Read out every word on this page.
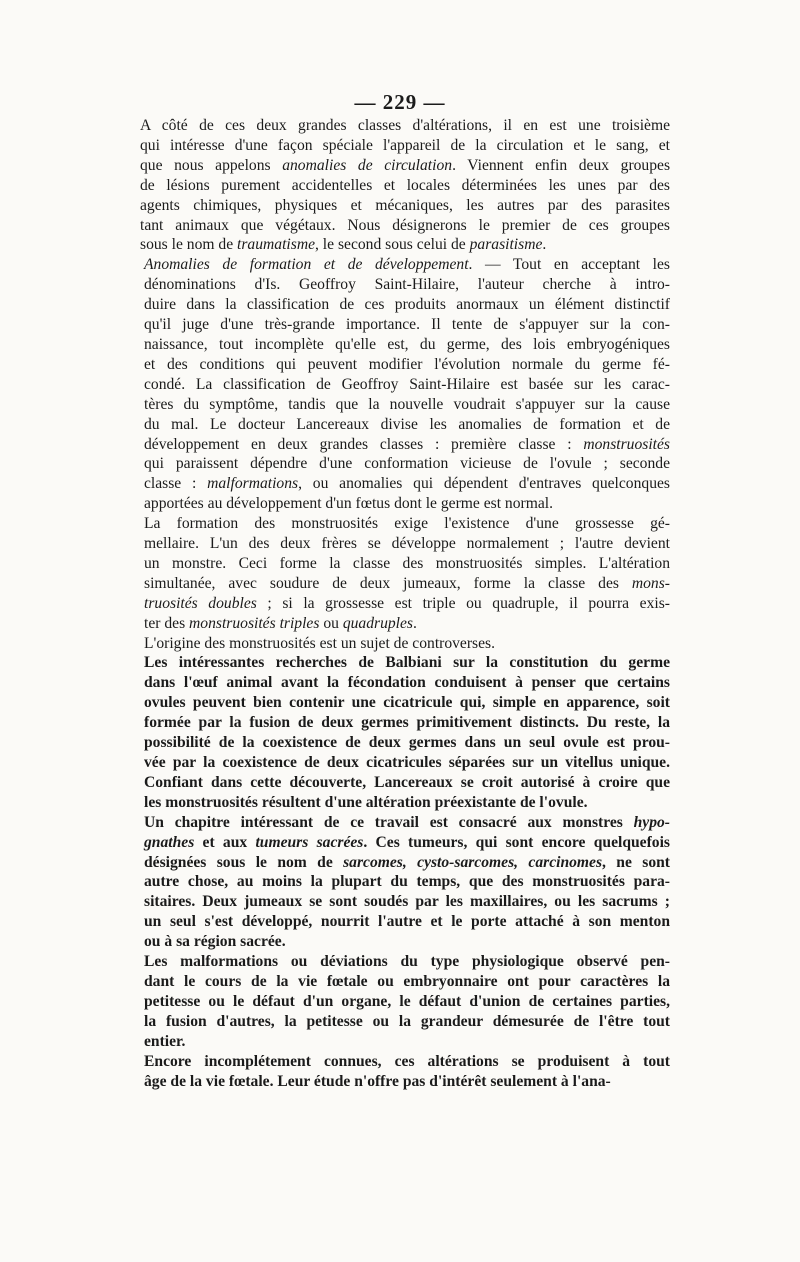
— 229 —

A côté de ces deux grandes classes d'altérations, il en est une troisième
qui intéresse d'une façon spéciale l'appareil de la circulation et le sang, et
que nous appelons anomalies de circulation. Viennent enfin deux groupes
de lésions purement accidentelles et locales déterminées les unes par des
agents chimiques, physiques et mécaniques, les autres par des parasites
tant animaux que végétaux. Nous désignerons le premier de ces groupes
sous le nom de traumatisme, le second sous celui de parasitisme.

Anomalies de formation et de développement. — Tout en acceptant les
dénominations d'Is. Geoffroy Saint-Hilaire, l'auteur cherche à intro-
duire dans la classification de ces produits anormaux un élément distinctif
qu'il juge d'une très-grande importance. Il tente de s'appuyer sur la con-
naissance, tout incomplète qu'elle est, du germe, des lois embryogéniques
et des conditions qui peuvent modifier l'évolution normale du germe fé-
condé. La classification de Geoffroy Saint-Hilaire est basée sur les carac-
tères du symptôme, tandis que la nouvelle voudrait s'appuyer sur la cause
du mal. Le docteur Lancereaux divise les anomalies de formation et de
développement en deux grandes classes : première classe : monstruosités
qui paraissent dépendre d'une conformation vicieuse de l'ovule ; seconde
classe : malformations, ou anomalies qui dépendent d'entraves quelconques
apportées au développement d'un fœtus dont le germe est normal.

La formation des monstruosités exige l'existence d'une grossesse gé-
mellaire. L'un des deux frères se développe normalement ; l'autre devient
un monstre. Ceci forme la classe des monstruosités simples. L'altération
simultanée, avec soudure de deux jumeaux, forme la classe des mons-
truosités doubles ; si la grossesse est triple ou quadruple, il pourra exis-
ter des monstruosités triples ou quadruples.

L'origine des monstruosités est un sujet de controverses.

Les intéressantes recherches de Balbiani sur la constitution du germe
dans l'œuf animal avant la fécondation conduisent à penser que certains
ovules peuvent bien contenir une cicatricule qui, simple en apparence, soit
formée par la fusion de deux germes primitivement distincts. Du reste, la
possibilité de la coexistence de deux germes dans un seul ovule est prou-
vée par la coexistence de deux cicatricules séparées sur un vitellus unique.
Confiant dans cette découverte, Lancereaux se croit autorisé à croire que
les monstruosités résultent d'une altération préexistante de l'ovule.

Un chapitre intéressant de ce travail est consacré aux monstres hypo-
gnathes et aux tumeurs sacrées. Ces tumeurs, qui sont encore quelquefois
désignées sous le nom de sarcomes, cysto-sarcomes, carcinomes, ne sont
autre chose, au moins la plupart du temps, que des monstruosités para-
sitaires. Deux jumeaux se sont soudés par les maxillaires, ou les sacrums ;
un seul s'est développé, nourrit l'autre et le porte attaché à son menton
ou à sa région sacrée.

Les malformations ou déviations du type physiologique observé pen-
dant le cours de la vie fœtale ou embryonnaire ont pour caractères la
petitesse ou le défaut d'un organe, le défaut d'union de certaines parties,
la fusion d'autres, la petitesse ou la grandeur démesurée de l'être tout
entier.

Encore incomplétement connues, ces altérations se produisent à tout
âge de la vie fœtale. Leur étude n'offre pas d'intérêt seulement à l'ana-
